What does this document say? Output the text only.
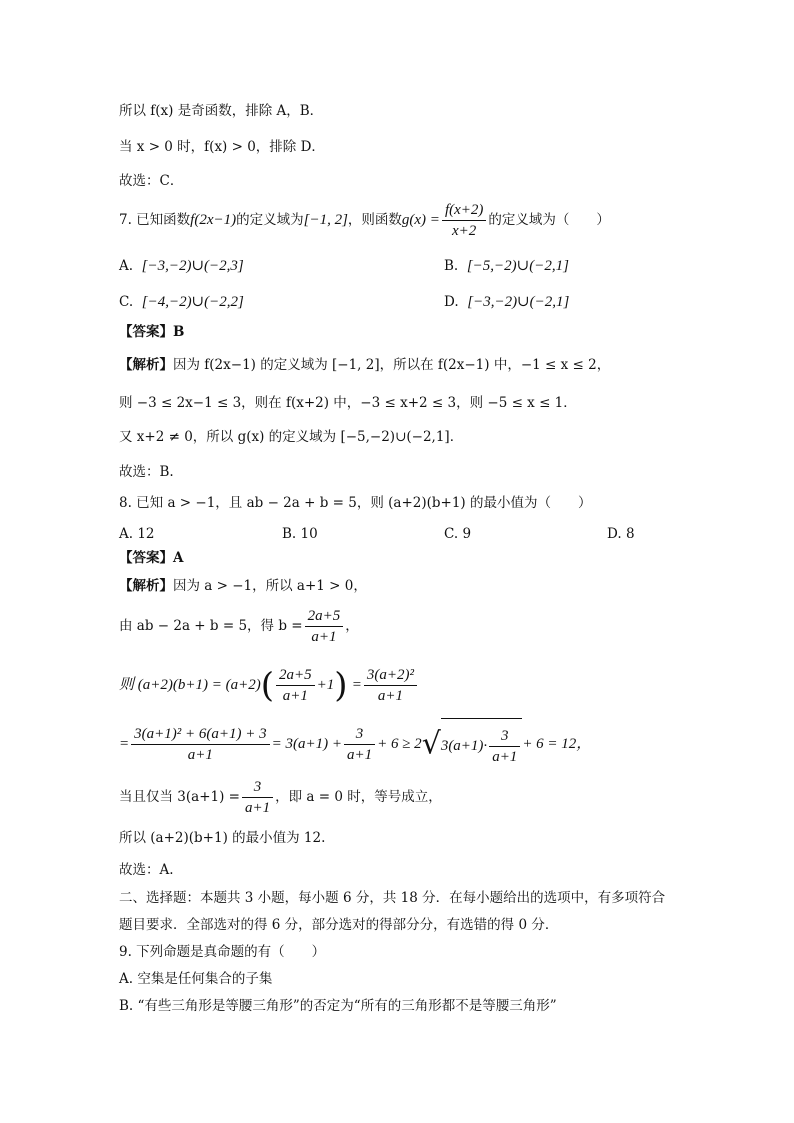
所以 f(x) 是奇函数，排除 A，B．
当 x > 0 时，f(x) > 0，排除 D．
故选：C．
7. 已知函数f(2x−1)的定义域为[−1, 2]，则函数$g(x) = \frac{f(x+2)}{x+2}$ 的定义域为（　　）
A. [−3,−2)∪(−2,3]	B. [−5,−2)∪(−2,1]
C. [−4,−2)∪(−2,2]	D. [−3,−2)∪(−2,1]
【答案】B
【解析】因为 f(2x−1) 的定义域为 [−1, 2]，所以在 f(2x−1) 中，−1 ≤ x ≤ 2，
则 −3 ≤ 2x−1 ≤ 3，则在 f(x+2) 中，−3 ≤ x+2 ≤ 3，则 −5 ≤ x ≤ 1．
又 x+2 ≠ 0，所以 g(x) 的定义域为 [−5,−2)∪(−2,1]．
故选：B.
8. 已知 a > −1，且 ab − 2a + b = 5，则 (a+2)(b+1) 的最小值为（　　）
A. 12	B. 10	C. 9	D. 8
【答案】A
【解析】因为 a > −1，所以 a+1 > 0，
由 ab − 2a + b = 5，得 $b = \frac{2a+5}{a+1}$ ，
则 $(a+2)(b+1) = (a+2)( \frac{2a+5}{a+1} +1) = \frac{\text{3(a+2)²}}{a+1}$
= $\frac{\text{3(a+1)² + 6(a+1) + 3}}{a+1} = 3(a+1) + \frac{3}{a+1} + 6 \ge 2√3(a+1)\cdot \frac{3}{a+1} + 6 = 12$，
当且仅当 $3(a+1) = \frac{3}{a+1}$ ，即 a = 0 时，等号成立，
所以 (a+2)(b+1) 的最小值为 12.
故选：A.
二、选择题：本题共 3 小题，每小题 6 分，共 18 分．在每小题给出的选项中，有多项符合
题目要求．全部选对的得 6 分，部分选对的得部分分，有选错的得 0 分．
9. 下列命题是真命题的有（　　）
A. 空集是任何集合的子集
B. “有些三角形是等腰三角形”的否定为“所有的三角形都不是等腰三角形”
